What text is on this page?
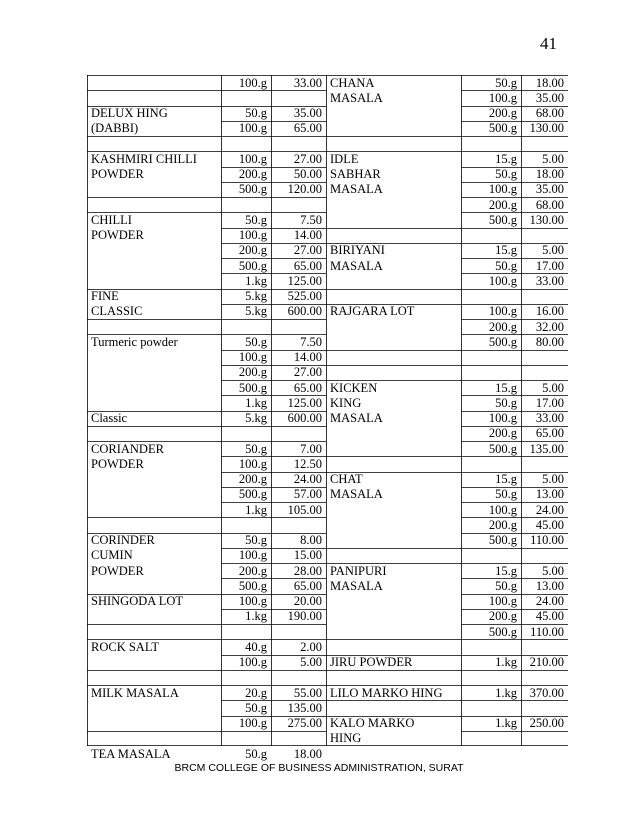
41
100.g	33.00
DELUX HING	50.g	35.00
(DABBI)	100.g	65.00
KASHMIRI CHILLI	100.g	27.00
POWDER	200.g	50.00
500.g	120.00
CHILLI	50.g	7.50
POWDER	100.g	14.00
200.g	27.00
500.g	65.00
1.kg	125.00
FINE	5.kg	525.00
CLASSIC	5.kg	600.00
Turmeric powder	50.g	7.50
100.g	14.00
200.g	27.00
500.g	65.00
1.kg	125.00
Classic	5.kg	600.00
CORIANDER	50.g	7.00
POWDER	100.g	12.50
200.g	24.00
500.g	57.00
1.kg	105.00
CORINDER	50.g	8.00
CUMIN	100.g	15.00
POWDER	200.g	28.00
500.g	65.00
SHINGODA LOT	100.g	20.00
1.kg	190.00
ROCK SALT	40.g	2.00
100.g	5.00
MILK MASALA	20.g	55.00
50.g	135.00
100.g	275.00
TEA MASALA	50.g	18.00
CHANA	50.g	18.00
MASALA	100.g	35.00
200.g	68.00
500.g	130.00
IDLE	15.g	5.00
SABHAR	50.g	18.00
MASALA	100.g	35.00
200.g	68.00
500.g	130.00
BIRIYANI	15.g	5.00
MASALA	50.g	17.00
100.g	33.00
RAJGARA LOT	100.g	16.00
200.g	32.00
500.g	80.00
KICKEN	15.g	5.00
KING	50.g	17.00
MASALA	100.g	33.00
200.g	65.00
500.g	135.00
CHAT	15.g	5.00
MASALA	50.g	13.00
100.g	24.00
200.g	45.00
500.g	110.00
PANIPURI	15.g	5.00
MASALA	50.g	13.00
100.g	24.00
200.g	45.00
500.g	110.00
JIRU POWDER	1.kg	210.00
LILO MARKO HING	1.kg	370.00
KALO MARKO	1.kg	250.00
HING
BRCM COLLEGE OF BUSINESS ADMINISTRATION, SURAT
